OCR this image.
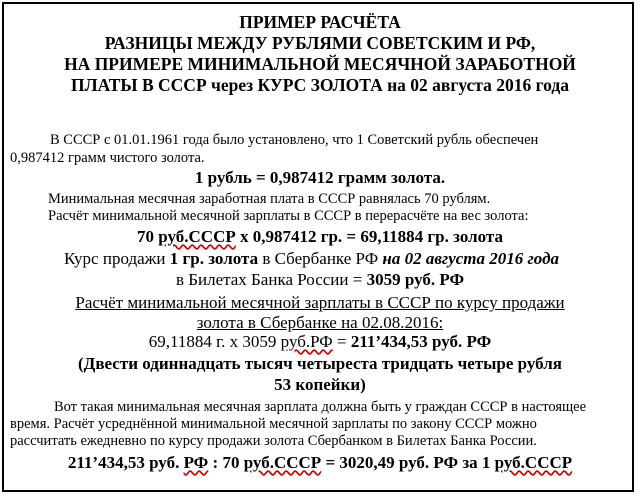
ПРИМЕР РАСЧЁТА
РАЗНИЦЫ МЕЖДУ РУБЛЯМИ СОВЕТСКИМ И РФ,
НА ПРИМЕРЕ МИНИМАЛЬНОЙ МЕСЯЧНОЙ ЗАРАБОТНОЙ
ПЛАТЫ В СССР через КУРС ЗОЛОТА на 02 августа 2016 года
В СССР с 01.01.1961 года было установлено, что 1 Советский рубль обеспечен
0,987412 грамм чистого золота.
1 рубль = 0,987412 грамм золота.
Минимальная месячная заработная плата в СССР равнялась 70 рублям.
Расчёт минимальной месячной зарплаты в СССР в перерасчёте на вес золота:
70 руб.СССР х 0,987412 гр. = 69,11884 гр. золота
Курс продажи 1 гр. золота в Сбербанке РФ на 02 августа 2016 года
в Билетах Банка России = 3059 руб. РФ
Расчёт минимальной месячной зарплаты в СССР по курсу продажи
золота в Сбербанке на 02.08.2016:
69,11884 г. х 3059 руб.РФ = 211’434,53 руб. РФ
(Двести одиннадцать тысяч четыреста тридцать четыре рубля
53 копейки)
Вот такая минимальная месячная зарплата должна быть у граждан СССР в настоящее
время. Расчёт усреднённой минимальной месячной зарплаты по закону СССР можно
рассчитать ежедневно по курсу продажи золота Сбербанком в Билетах Банка России.
211’434,53 руб. РФ : 70 руб.СССР = 3020,49 руб. РФ за 1 руб.СССР
